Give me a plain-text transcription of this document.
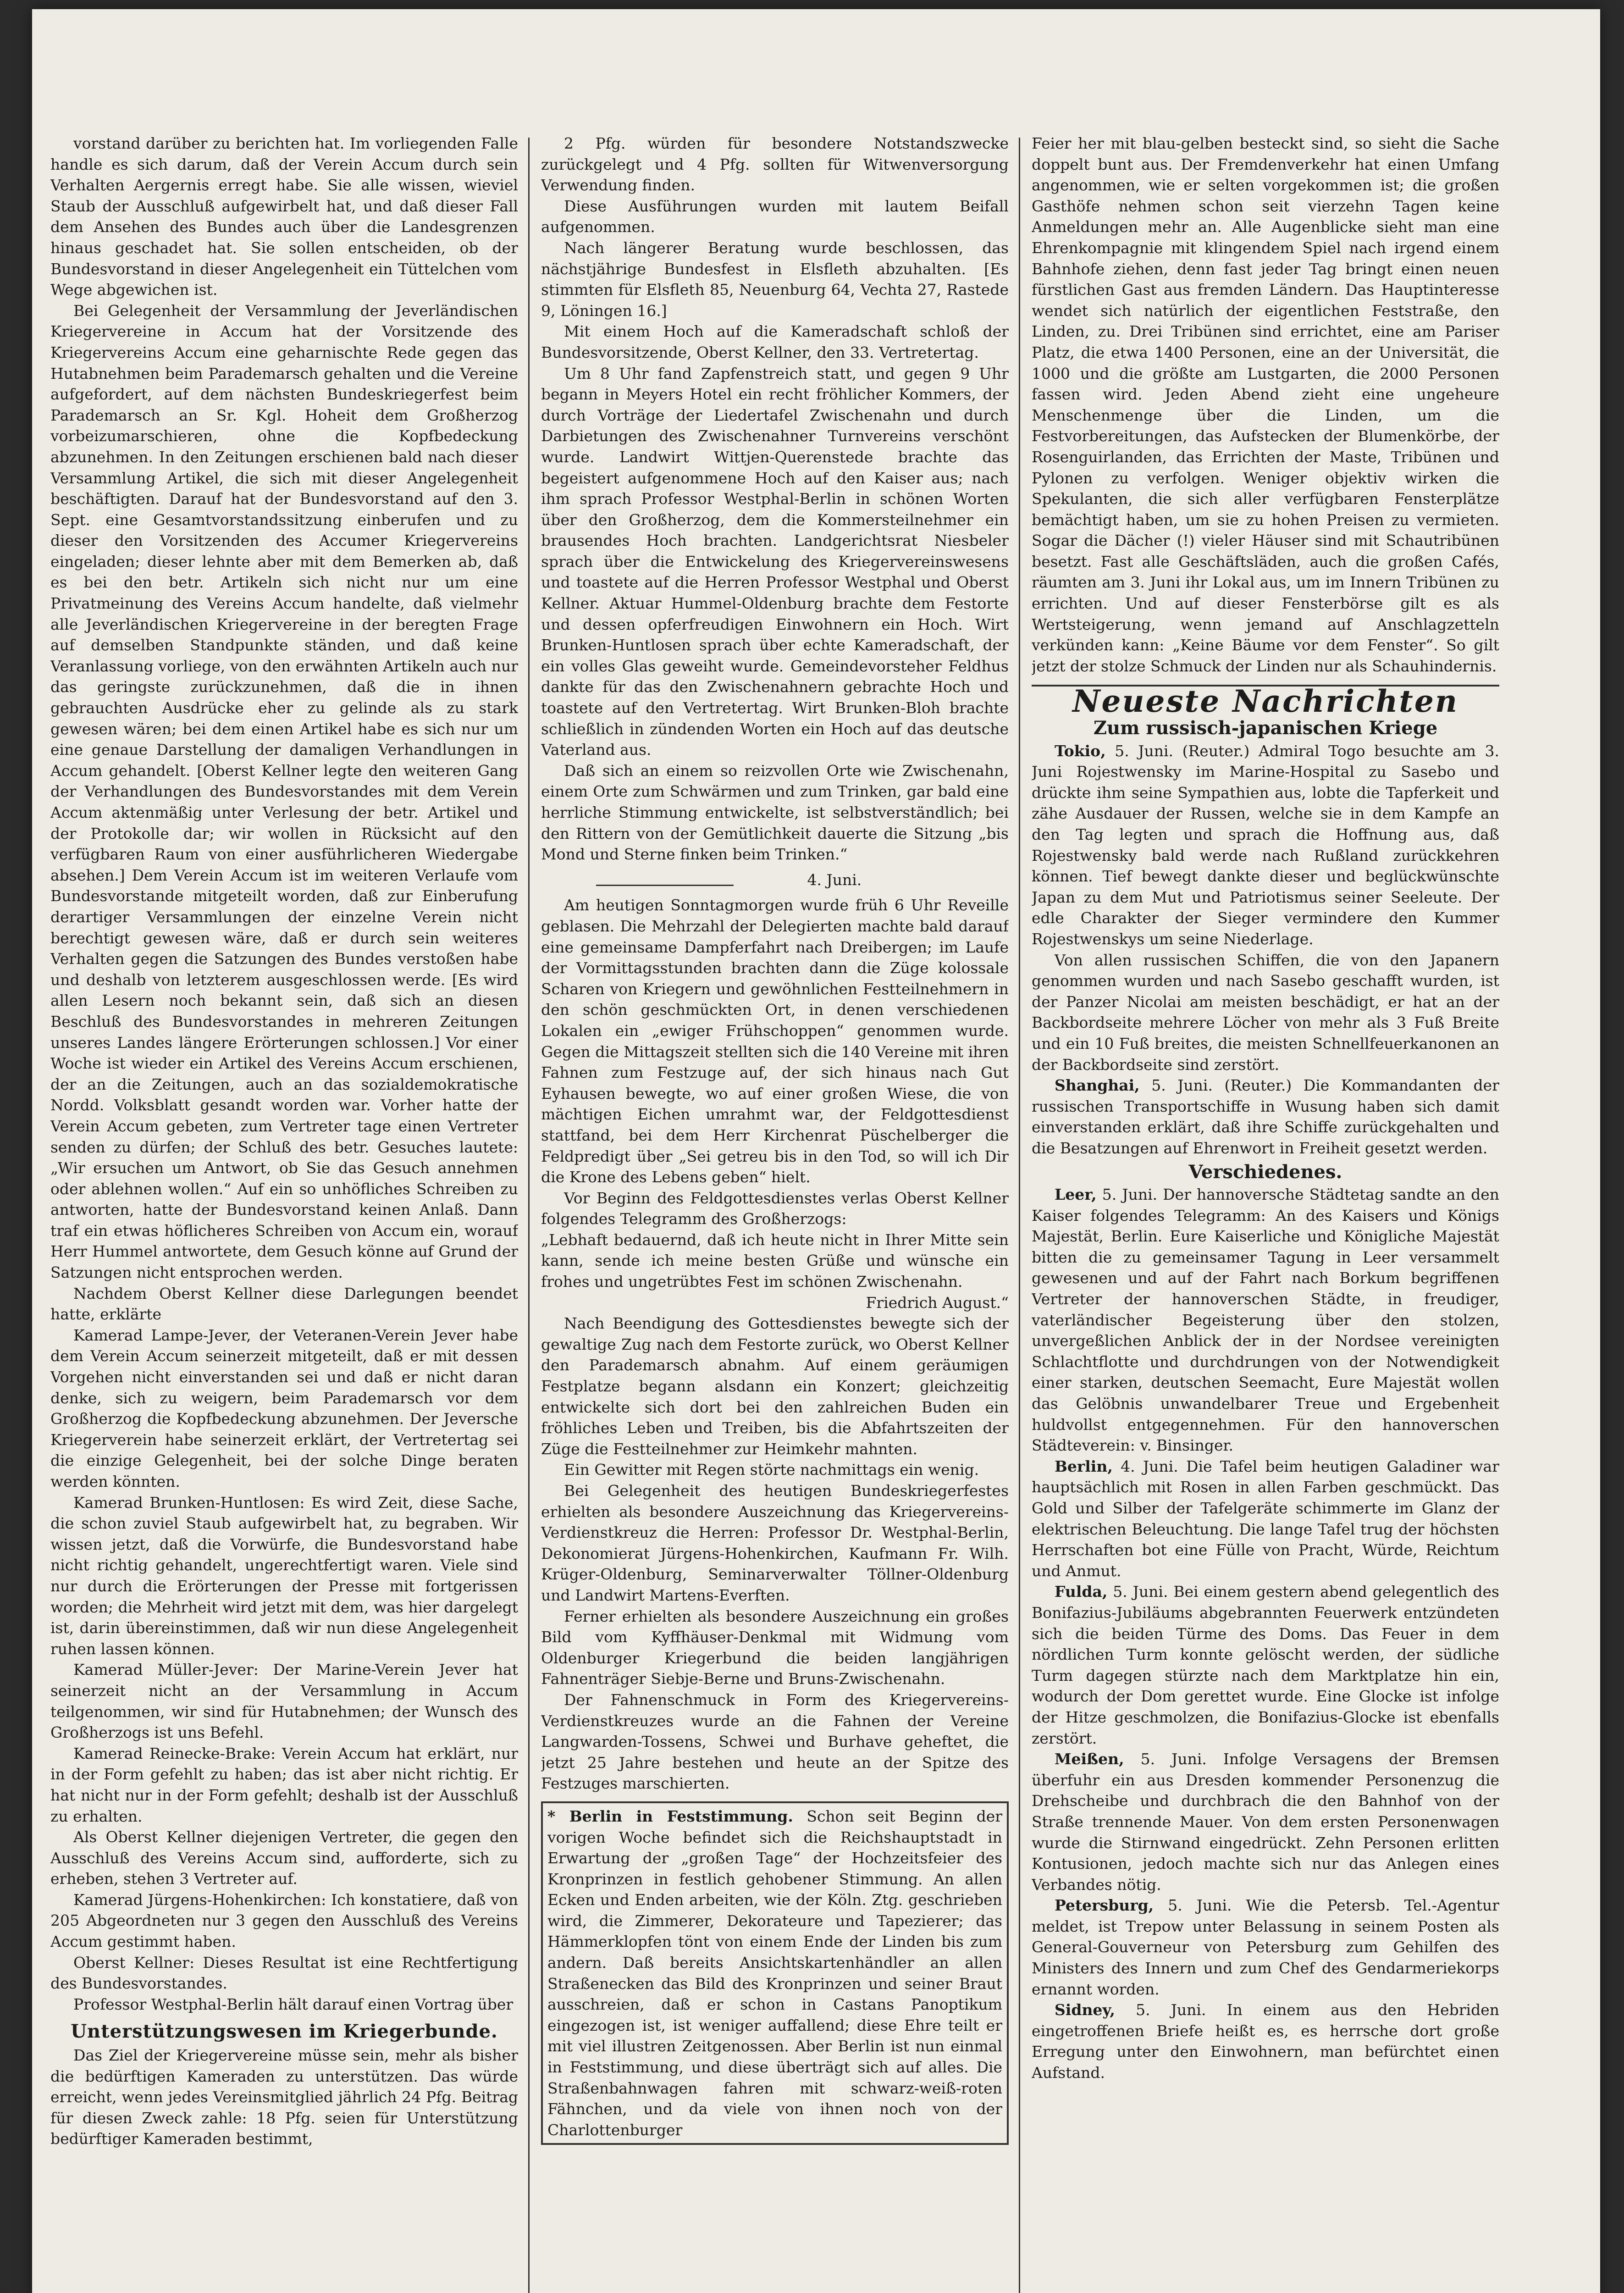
vorstand darüber zu berichten hat. Im vorliegenden Falle handle es sich darum, daß der Verein Accum durch sein Verhalten Aergernis erregt habe. Sie alle wissen, wieviel Staub der Ausschluß aufgewirbelt hat, und daß dieser Fall dem Ansehen des Bundes auch über die Landesgrenzen hinaus geschadet hat. Sie sollen entscheiden, ob der Bundesvorstand in dieser Angelegenheit ein Tüttelchen vom Wege abgewichen ist.

Bei Gelegenheit der Versammlung der Jeverländischen Kriegervereine in Accum hat der Vorsitzende des Kriegervereins Accum eine geharnischte Rede gegen das Hutabnehmen beim Parademarsch gehalten und die Vereine aufgefordert, auf dem nächsten Bundeskriegerfest beim Parademarsch an Sr. Kgl. Hoheit dem Großherzog vorbeizumarschieren, ohne die Kopfbedeckung abzunehmen. In den Zeitungen erschienen bald nach dieser Versammlung Artikel, die sich mit dieser Angelegenheit beschäftigten. Darauf hat der Bundesvorstand auf den 3. Sept. eine Gesamtvorstandssitzung einberufen und zu dieser den Vorsitzenden des Accumer Kriegervereins eingeladen; dieser lehnte aber mit dem Bemerken ab, daß es bei den betr. Artikeln sich nicht nur um eine Privatmeinung des Vereins Accum handelte, daß vielmehr alle Jeverländischen Kriegervereine in der beregten Frage auf demselben Standpunkte ständen, und daß keine Veranlassung vorliege, von den erwähnten Artikeln auch nur das geringste zurückzunehmen, daß die in ihnen gebrauchten Ausdrücke eher zu gelinde als zu stark gewesen wären; bei dem einen Artikel habe es sich nur um eine genaue Darstellung der damaligen Verhandlungen in Accum gehandelt. [Oberst Kellner legte den weiteren Gang der Verhandlungen des Bundesvorstandes mit dem Verein Accum aktenmäßig unter Verlesung der betr. Artikel und der Protokolle dar; wir wollen in Rücksicht auf den verfügbaren Raum von einer ausführlicheren Wiedergabe absehen.] Dem Verein Accum ist im weiteren Verlaufe vom Bundesvorstande mitgeteilt worden, daß zur Einberufung derartiger Versammlungen der einzelne Verein nicht berechtigt gewesen wäre, daß er durch sein weiteres Verhalten gegen die Satzungen des Bundes verstoßen habe und deshalb von letzterem ausgeschlossen werde. [Es wird allen Lesern noch bekannt sein, daß sich an diesen Beschluß des Bundesvorstandes in mehreren Zeitungen unseres Landes längere Erörterungen schlossen.] Vor einer Woche ist wieder ein Artikel des Vereins Accum erschienen, der an die Zeitungen, auch an das sozialdemokratische Nordd. Volksblatt gesandt worden war. Vorher hatte der Verein Accum gebeten, zum Vertreter tage einen Vertreter senden zu dürfen; der Schluß des betr. Gesuches lautete: „Wir ersuchen um Antwort, ob Sie das Gesuch annehmen oder ablehnen wollen.“ Auf ein so unhöfliches Schreiben zu antworten, hatte der Bundesvorstand keinen Anlaß. Dann traf ein etwas höflicheres Schreiben von Accum ein, worauf Herr Hummel antwortete, dem Gesuch könne auf Grund der Satzungen nicht entsprochen werden.

Nachdem Oberst Kellner diese Darlegungen beendet hatte, erklärte

Kamerad Lampe-Jever, der Veteranen-Verein Jever habe dem Verein Accum seinerzeit mitgeteilt, daß er mit dessen Vorgehen nicht einverstanden sei und daß er nicht daran denke, sich zu weigern, beim Parademarsch vor dem Großherzog die Kopfbedeckung abzunehmen. Der Jeversche Kriegerverein habe seinerzeit erklärt, der Vertretertag sei die einzige Gelegenheit, bei der solche Dinge beraten werden könnten.

Kamerad Brunken-Huntlosen: Es wird Zeit, diese Sache, die schon zuviel Staub aufgewirbelt hat, zu begraben. Wir wissen jetzt, daß die Vorwürfe, die Bundesvorstand habe nicht richtig gehandelt, ungerechtfertigt waren. Viele sind nur durch die Erörterungen der Presse mit fortgerissen worden; die Mehrheit wird jetzt mit dem, was hier dargelegt ist, darin übereinstimmen, daß wir nun diese Angelegenheit ruhen lassen können.

Kamerad Müller-Jever: Der Marine-Verein Jever hat seinerzeit nicht an der Versammlung in Accum teilgenommen, wir sind für Hutabnehmen; der Wunsch des Großherzogs ist uns Befehl.

Kamerad Reinecke-Brake: Verein Accum hat erklärt, nur in der Form gefehlt zu haben; das ist aber nicht richtig. Er hat nicht nur in der Form gefehlt; deshalb ist der Ausschluß zu erhalten.

Als Oberst Kellner diejenigen Vertreter, die gegen den Ausschluß des Vereins Accum sind, aufforderte, sich zu erheben, stehen 3 Vertreter auf.

Kamerad Jürgens-Hohenkirchen: Ich konstatiere, daß von 205 Abgeordneten nur 3 gegen den Ausschluß des Vereins Accum gestimmt haben.

Oberst Kellner: Dieses Resultat ist eine Rechtfertigung des Bundesvorstandes.

Professor Westphal-Berlin hält darauf einen Vortrag über

Unterstützungswesen im Kriegerbunde.

Das Ziel der Kriegervereine müsse sein, mehr als bisher die bedürftigen Kameraden zu unterstützen. Das würde erreicht, wenn jedes Vereinsmitglied jährlich 24 Pfg. Beitrag für diesen Zweck zahle: 18 Pfg. seien für Unterstützung bedürftiger Kameraden bestimmt,

2 Pfg. würden für besondere Notstandszwecke zurückgelegt und 4 Pfg. sollten für Witwenversorgung Verwendung finden.

Diese Ausführungen wurden mit lautem Beifall aufgenommen.

Nach längerer Beratung wurde beschlossen, das nächstjährige Bundesfest in Elsfleth abzuhalten. [Es stimmten für Elsfleth 85, Neuenburg 64, Vechta 27, Rastede 9, Löningen 16.]

Mit einem Hoch auf die Kameradschaft schloß der Bundesvorsitzende, Oberst Kellner, den 33. Vertretertag.

Um 8 Uhr fand Zapfenstreich statt, und gegen 9 Uhr begann in Meyers Hotel ein recht fröhlicher Kommers, der durch Vorträge der Liedertafel Zwischenahn und durch Darbietungen des Zwischenahner Turnvereins verschönt wurde. Landwirt Wittjen-Querenstede brachte das begeistert aufgenommene Hoch auf den Kaiser aus; nach ihm sprach Professor Westphal-Berlin in schönen Worten über den Großherzog, dem die Kommersteilnehmer ein brausendes Hoch brachten. Landgerichtsrat Niesbeler sprach über die Entwickelung des Kriegervereinswesens und toastete auf die Herren Professor Westphal und Oberst Kellner. Aktuar Hummel-Oldenburg brachte dem Festorte und dessen opferfreudigen Einwohnern ein Hoch. Wirt Brunken-Huntlosen sprach über echte Kameradschaft, der ein volles Glas geweiht wurde. Gemeindevorsteher Feldhus dankte für das den Zwischenahnern gebrachte Hoch und toastete auf den Vertretertag. Wirt Brunken-Bloh brachte schließlich in zündenden Worten ein Hoch auf das deutsche Vaterland aus.

Daß sich an einem so reizvollen Orte wie Zwischenahn, einem Orte zum Schwärmen und zum Trinken, gar bald eine herrliche Stimmung entwickelte, ist selbstverständlich; bei den Rittern von der Gemütlichkeit dauerte die Sitzung „bis Mond und Sterne finken beim Trinken.“

4. Juni.

Am heutigen Sonntagmorgen wurde früh 6 Uhr Reveille geblasen. Die Mehrzahl der Delegierten machte bald darauf eine gemeinsame Dampferfahrt nach Dreibergen; im Laufe der Vormittagsstunden brachten dann die Züge kolossale Scharen von Kriegern und gewöhnlichen Festteilnehmern in den schön geschmückten Ort, in denen verschiedenen Lokalen ein „ewiger Frühschoppen“ genommen wurde. Gegen die Mittagszeit stellten sich die 140 Vereine mit ihren Fahnen zum Festzuge auf, der sich hinaus nach Gut Eyhausen bewegte, wo auf einer großen Wiese, die von mächtigen Eichen umrahmt war, der Feldgottesdienst stattfand, bei dem Herr Kirchenrat Püschelberger die Feldpredigt über „Sei getreu bis in den Tod, so will ich Dir die Krone des Lebens geben“ hielt.

Vor Beginn des Feldgottesdienstes verlas Oberst Kellner folgendes Telegramm des Großherzogs:

„Lebhaft bedauernd, daß ich heute nicht in Ihrer Mitte sein kann, sende ich meine besten Grüße und wünsche ein frohes und ungetrübtes Fest im schönen Zwischenahn.

Friedrich August.“

Nach Beendigung des Gottesdienstes bewegte sich der gewaltige Zug nach dem Festorte zurück, wo Oberst Kellner den Parademarsch abnahm. Auf einem geräumigen Festplatze begann alsdann ein Konzert; gleichzeitig entwickelte sich dort bei den zahlreichen Buden ein fröhliches Leben und Treiben, bis die Abfahrtszeiten der Züge die Festteilnehmer zur Heimkehr mahnten.

Ein Gewitter mit Regen störte nachmittags ein wenig.

Bei Gelegenheit des heutigen Bundeskriegerfestes erhielten als besondere Auszeichnung das Kriegervereins-Verdienstkreuz die Herren: Professor Dr. Westphal-Berlin, Dekonomierat Jürgens-Hohenkirchen, Kaufmann Fr. Wilh. Krüger-Oldenburg, Seminarverwalter Töllner-Oldenburg und Landwirt Martens-Everften.

Ferner erhielten als besondere Auszeichnung ein großes Bild vom Kyffhäuser-Denkmal mit Widmung vom Oldenburger Kriegerbund die beiden langjährigen Fahnenträger Siebje-Berne und Bruns-Zwischenahn.

Der Fahnenschmuck in Form des Kriegervereins-Verdienstkreuzes wurde an die Fahnen der Vereine Langwarden-Tossens, Schwei und Burhave geheftet, die jetzt 25 Jahre bestehen und heute an der Spitze des Festzuges marschierten.

* Berlin in Feststimmung. Schon seit Beginn der vorigen Woche befindet sich die Reichshauptstadt in Erwartung der „großen Tage“ der Hochzeitsfeier des Kronprinzen in festlich gehobener Stimmung. An allen Ecken und Enden arbeiten, wie der Köln. Ztg. geschrieben wird, die Zimmerer, Dekorateure und Tapezierer; das Hämmerklopfen tönt von einem Ende der Linden bis zum andern. Daß bereits Ansichtskartenhändler an allen Straßenecken das Bild des Kronprinzen und seiner Braut ausschreien, daß er schon in Castans Panoptikum eingezogen ist, ist weniger auffallend; diese Ehre teilt er mit viel illustren Zeitgenossen. Aber Berlin ist nun einmal in Feststimmung, und diese überträgt sich auf alles. Die Straßenbahnwagen fahren mit schwarz-weiß-roten Fähnchen, und da viele von ihnen noch von der Charlottenburger

Feier her mit blau-gelben besteckt sind, so sieht die Sache doppelt bunt aus. Der Fremdenverkehr hat einen Umfang angenommen, wie er selten vorgekommen ist; die großen Gasthöfe nehmen schon seit vierzehn Tagen keine Anmeldungen mehr an. Alle Augenblicke sieht man eine Ehrenkompagnie mit klingendem Spiel nach irgend einem Bahnhofe ziehen, denn fast jeder Tag bringt einen neuen fürstlichen Gast aus fremden Ländern. Das Hauptinteresse wendet sich natürlich der eigentlichen Feststraße, den Linden, zu. Drei Tribünen sind errichtet, eine am Pariser Platz, die etwa 1400 Personen, eine an der Universität, die 1000 und die größte am Lustgarten, die 2000 Personen fassen wird. Jeden Abend zieht eine ungeheure Menschenmenge über die Linden, um die Festvorbereitungen, das Aufstecken der Blumenkörbe, der Rosenguirlanden, das Errichten der Maste, Tribünen und Pylonen zu verfolgen. Weniger objektiv wirken die Spekulanten, die sich aller verfügbaren Fensterplätze bemächtigt haben, um sie zu hohen Preisen zu vermieten. Sogar die Dächer (!) vieler Häuser sind mit Schautribünen besetzt. Fast alle Geschäftsläden, auch die großen Cafés, räumten am 3. Juni ihr Lokal aus, um im Innern Tribünen zu errichten. Und auf dieser Fensterbörse gilt es als Wertsteigerung, wenn jemand auf Anschlagzetteln verkünden kann: „Keine Bäume vor dem Fenster“. So gilt jetzt der stolze Schmuck der Linden nur als Schauhindernis.

Neueste Nachrichten
Zum russisch-japanischen Kriege

Tokio, 5. Juni. (Reuter.) Admiral Togo besuchte am 3. Juni Rojestwensky im Marine-Hospital zu Sasebo und drückte ihm seine Sympathien aus, lobte die Tapferkeit und zähe Ausdauer der Russen, welche sie in dem Kampfe an den Tag legten und sprach die Hoffnung aus, daß Rojestwensky bald werde nach Rußland zurückkehren können. Tief bewegt dankte dieser und beglückwünschte Japan zu dem Mut und Patriotismus seiner Seeleute. Der edle Charakter der Sieger verminderе den Kummer Rojestwenskys um seine Niederlage.

Von allen russischen Schiffen, die von den Japanern genommen wurden und nach Sasebo geschafft wurden, ist der Panzer Nicolai am meisten beschädigt, er hat an der Backbordseite mehrere Löcher von mehr als 3 Fuß Breite und ein 10 Fuß breites, die meisten Schnellfeuerkanonen an der Backbordseite sind zerstört.

Shanghai, 5. Juni. (Reuter.) Die Kommandanten der russischen Transportschiffe in Wusung haben sich damit einverstanden erklärt, daß ihre Schiffe zurückgehalten und die Besatzungen auf Ehrenwort in Freiheit gesetzt werden.

Verschiedenes.

Leer, 5. Juni. Der hannoversche Städtetag sandte an den Kaiser folgendes Telegramm: An des Kaisers und Königs Majestät, Berlin. Eure Kaiserliche und Königliche Majestät bitten die zu gemeinsamer Tagung in Leer versammelt gewesenen und auf der Fahrt nach Borkum begriffenen Vertreter der hannoverschen Städte, in freudiger, vaterländischer Begeisterung über den stolzen, unvergeßlichen Anblick der in der Nordsee vereinigten Schlachtflotte und durchdrungen von der Notwendigkeit einer starken, deutschen Seemacht, Eure Majestät wollen das Gelöbnis unwandelbarer Treue und Ergebenheit huldvollst entgegennehmen. Für den hannoverschen Städteverein: v. Binsinger.

Berlin, 4. Juni. Die Tafel beim heutigen Galadiner war hauptsächlich mit Rosen in allen Farben geschmückt. Das Gold und Silber der Tafelgeräte schimmerte im Glanz der elektrischen Beleuchtung. Die lange Tafel trug der höchsten Herrschaften bot eine Fülle von Pracht, Würde, Reichtum und Anmut.

Fulda, 5. Juni. Bei einem gestern abend gelegentlich des Bonifazius-Jubiläums abgebrannten Feuerwerk entzündeten sich die beiden Türme des Doms. Das Feuer in dem nördlichen Turm konnte gelöscht werden, der südliche Turm dagegen stürzte nach dem Marktplatze hin ein, wodurch der Dom gerettet wurde. Eine Glocke ist infolge der Hitze geschmolzen, die Bonifazius-Glocke ist ebenfalls zerstört.

Meißen, 5. Juni. Infolge Versagens der Bremsen überfuhr ein aus Dresden kommender Personenzug die Drehscheibe und durchbrach die den Bahnhof von der Straße trennende Mauer. Von dem ersten Personenwagen wurde die Stirnwand eingedrückt. Zehn Personen erlitten Kontusionen, jedoch machte sich nur das Anlegen eines Verbandes nötig.

Petersburg, 5. Juni. Wie die Petersb. Tel.-Agentur meldet, ist Trepow unter Belassung in seinem Posten als General-Gouverneur von Petersburg zum Gehilfen des Ministers des Innern und zum Chef des Gendarmeriekorps ernannt worden.

Sidney, 5. Juni. In einem aus den Hebriden eingetroffenen Briefe heißt es, es herrsche dort große Erregung unter den Einwohnern, man befürchtet einen Aufstand.
